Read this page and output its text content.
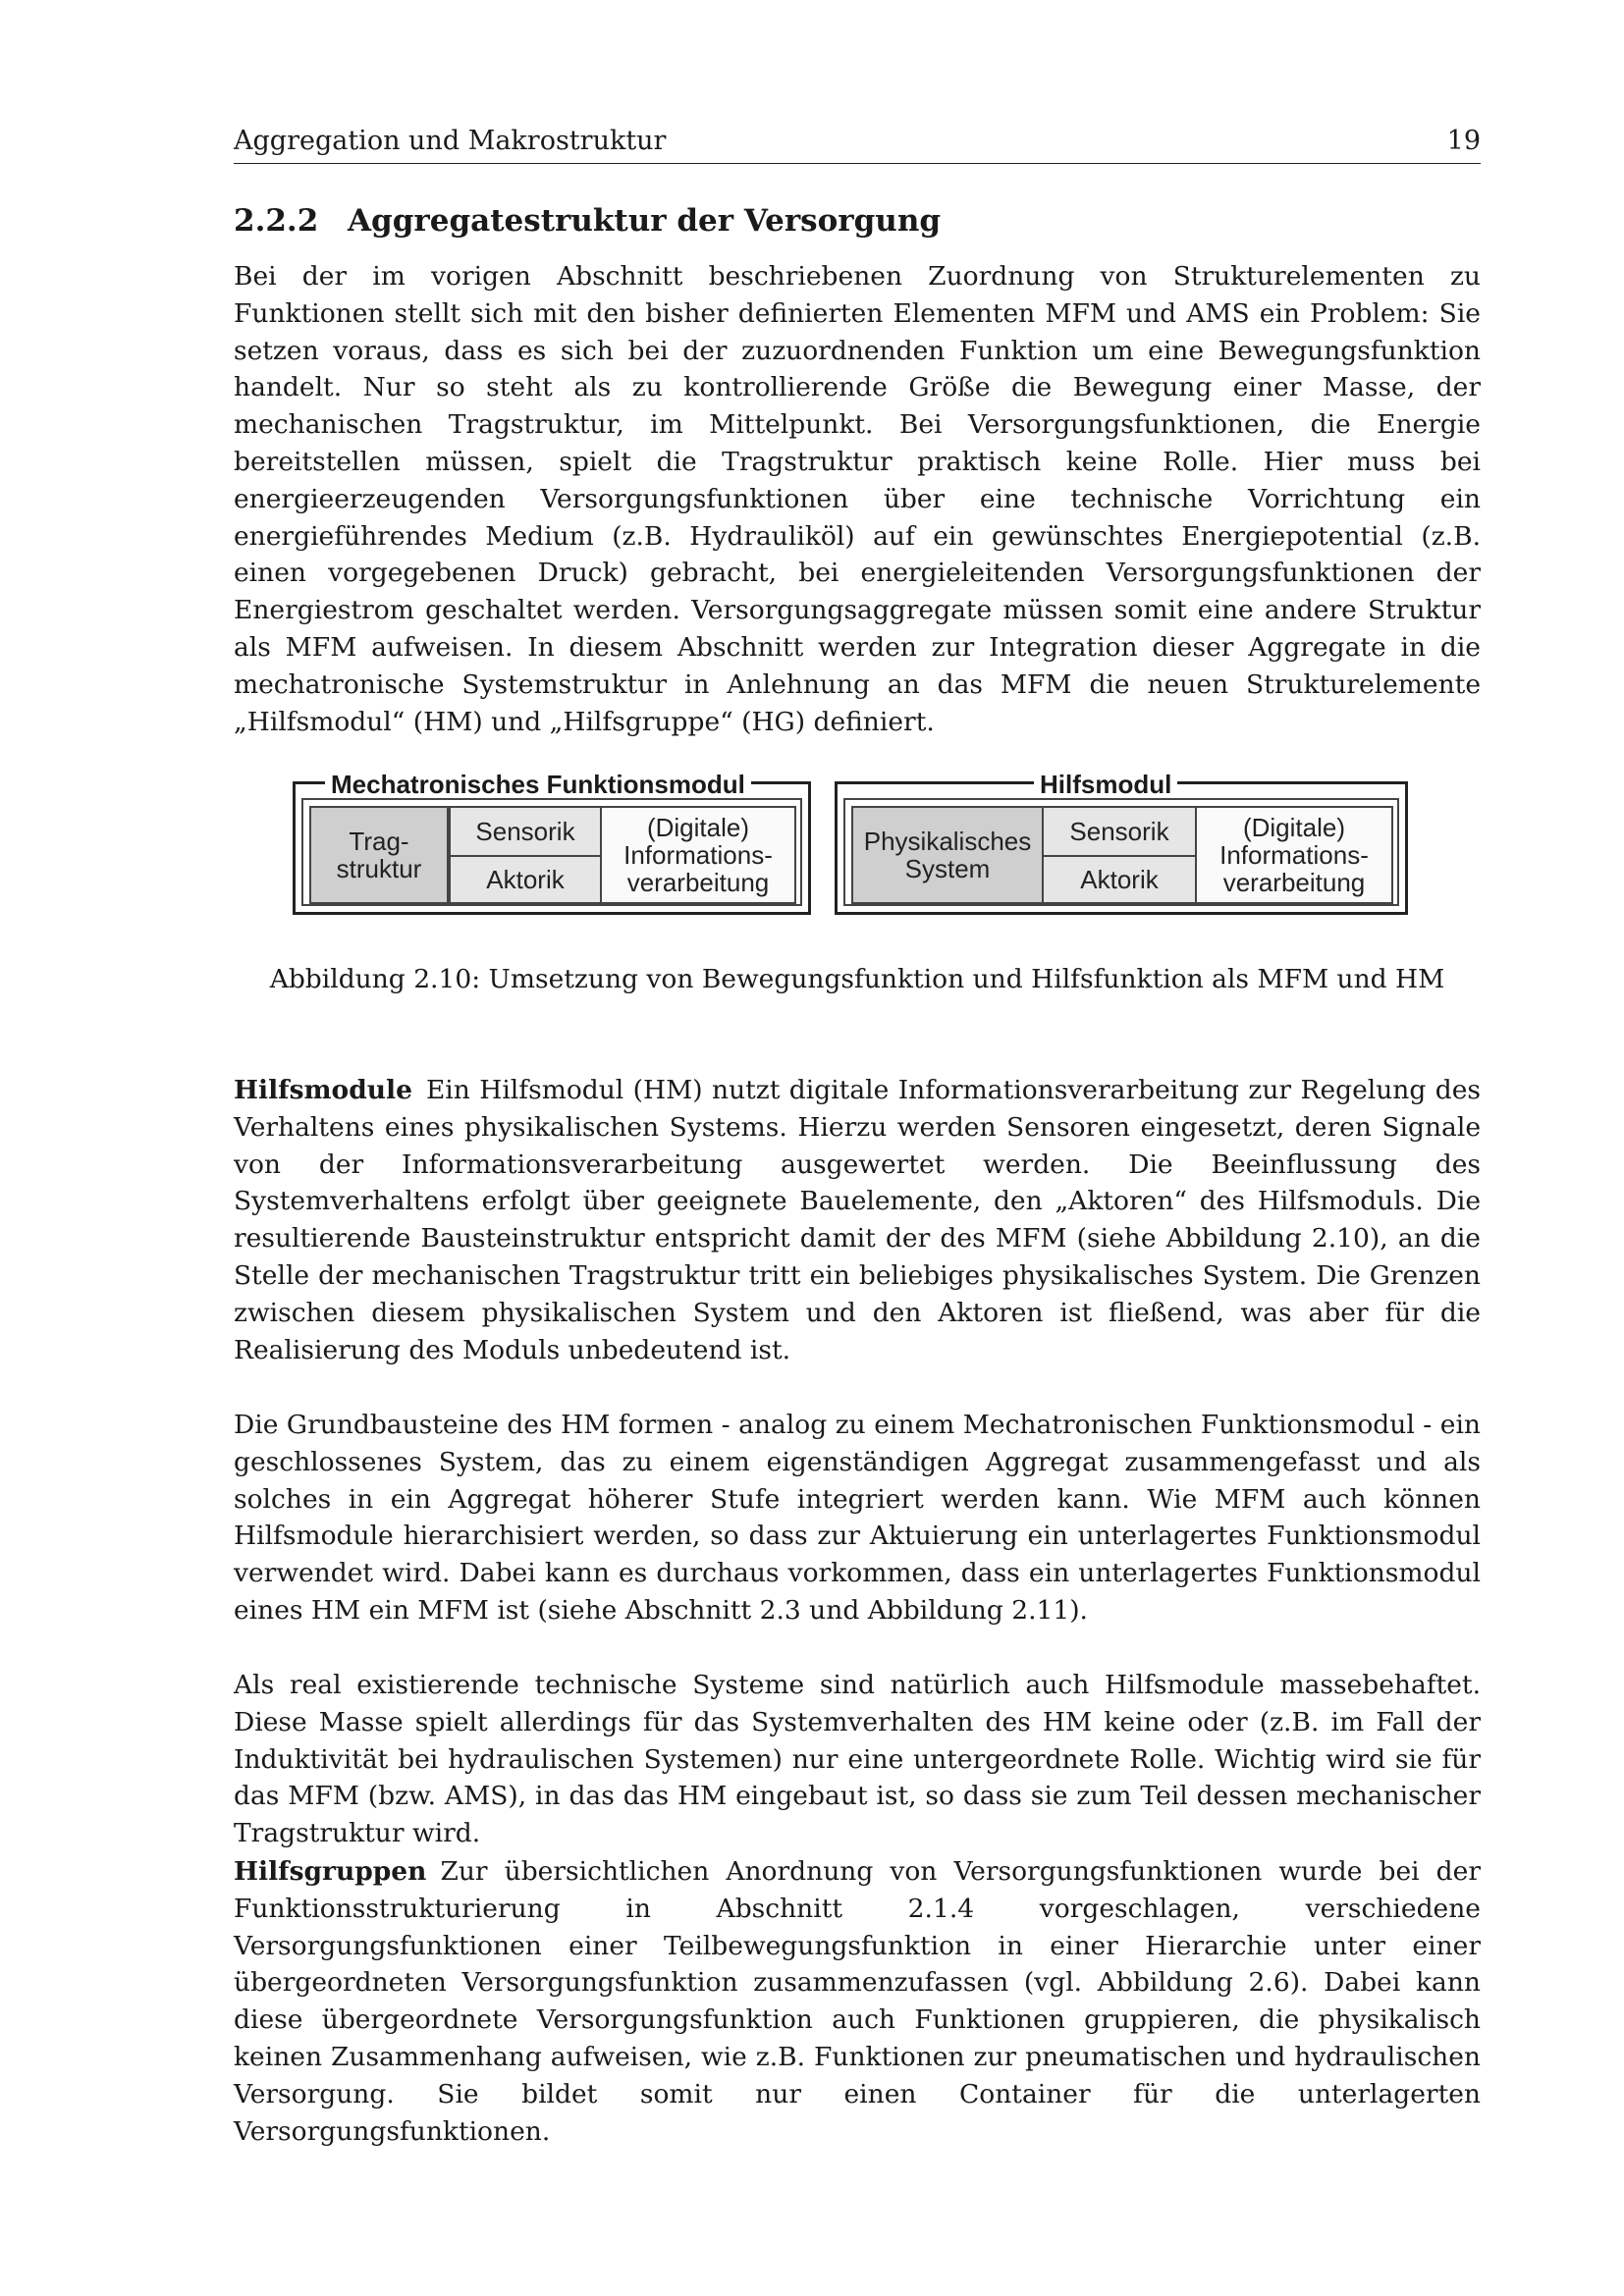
Aggregation und Makrostruktur	19
2.2.2 Aggregatestruktur der Versorgung

Bei der im vorigen Abschnitt beschriebenen Zuordnung von Strukturelementen zu Funktionen stellt sich mit den bisher definierten Elementen MFM und AMS ein Problem: Sie setzen voraus, dass es sich bei der zuzuordnenden Funktion um eine Bewegungsfunktion handelt. Nur so steht als zu kontrollierende Größe die Bewegung einer Masse, der mechanischen Tragstruktur, im Mittelpunkt. Bei Versorgungsfunktionen, die Energie bereitstellen müssen, spielt die Tragstruktur praktisch keine Rolle. Hier muss bei energieerzeugenden Versorgungsfunktionen über eine technische Vorrichtung ein energieführendes Medium (z.B. Hydrauliköl) auf ein gewünschtes Energiepotential (z.B. einen vorgegebenen Druck) gebracht, bei energieleitenden Versorgungsfunktionen der Energiestrom geschaltet werden. Versorgungsaggregate müssen somit eine andere Struktur als MFM aufweisen. In diesem Abschnitt werden zur Integration dieser Aggregate in die mechatronische Systemstruktur in Anlehnung an das MFM die neuen Strukturelemente „Hilfsmodul“ (HM) und „Hilfsgruppe“ (HG) definiert.

Trag-
struktur
Sensorik
Aktorik
(Digitale)
Informations-
verarbeitung
Mechatronisches Funktionsmodul
Physikalisches
System
Sensorik
Aktorik
(Digitale)
Informations-
verarbeitung
Hilfsmodul
Abbildung 2.10: Umsetzung von Bewegungsfunktion und Hilfsfunktion als MFM und HM

Hilfsmodule Ein Hilfsmodul (HM) nutzt digitale Informationsverarbeitung zur Regelung des Verhaltens eines physikalischen Systems. Hierzu werden Sensoren eingesetzt, deren Signale von der Informationsverarbeitung ausgewertet werden. Die Beeinflussung des Systemverhaltens erfolgt über geeignete Bauelemente, den „Aktoren“ des Hilfsmoduls. Die resultierende Bausteinstruktur entspricht damit der des MFM (siehe Abbildung 2.10), an die Stelle der mechanischen Tragstruktur tritt ein beliebiges physikalisches System. Die Grenzen zwischen diesem physikalischen System und den Aktoren ist fließend, was aber für die Realisierung des Moduls unbedeutend ist.

Die Grundbausteine des HM formen - analog zu einem Mechatronischen Funktionsmodul - ein geschlossenes System, das zu einem eigenständigen Aggregat zusammengefasst und als solches in ein Aggregat höherer Stufe integriert werden kann. Wie MFM auch können Hilfsmodule hierarchisiert werden, so dass zur Aktuierung ein unterlagertes Funktionsmodul verwendet wird. Dabei kann es durchaus vorkommen, dass ein unterlagertes Funktionsmodul eines HM ein MFM ist (siehe Abschnitt 2.3 und Abbildung 2.11).

Als real existierende technische Systeme sind natürlich auch Hilfsmodule massebehaftet. Diese Masse spielt allerdings für das Systemverhalten des HM keine oder (z.B. im Fall der Induktivität bei hydraulischen Systemen) nur eine untergeordnete Rolle. Wichtig wird sie für das MFM (bzw. AMS), in das das HM eingebaut ist, so dass sie zum Teil dessen mechanischer Tragstruktur wird.

Hilfsgruppen Zur übersichtlichen Anordnung von Versorgungsfunktionen wurde bei der Funktionsstrukturierung in Abschnitt 2.1.4 vorgeschlagen, verschiedene Versorgungsfunktionen einer Teilbewegungsfunktion in einer Hierarchie unter einer übergeordneten Versorgungsfunktion zusammenzufassen (vgl. Abbildung 2.6). Dabei kann diese übergeordnete Versorgungsfunktion auch Funktionen gruppieren, die physikalisch keinen Zusammenhang aufweisen, wie z.B. Funktionen zur pneumatischen und hydraulischen Versorgung. Sie bildet somit nur einen Container für die unterlagerten Versorgungsfunktionen.
